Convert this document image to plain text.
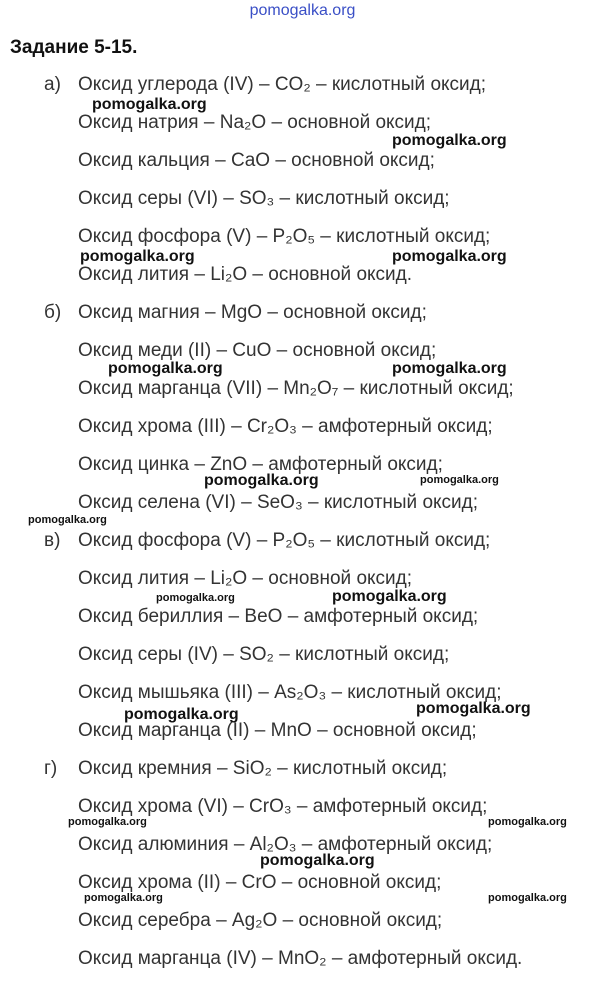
pomogalka.org
Задание 5-15.
а) Оксид углерода (IV) – CO₂ – кислотный оксид;
Оксид натрия – Na₂O – основной оксид;
Оксид кальция – CaO – основной оксид;
Оксид серы (VI) – SO₃ – кислотный оксид;
Оксид фосфора (V) – P₂O₅ – кислотный оксид;
Оксид лития – Li₂O – основной оксид.
б) Оксид магния – MgO – основной оксид;
Оксид меди (II) – CuO – основной оксид;
Оксид марганца (VII) – Mn₂O₇ – кислотный оксид;
Оксид хрома (III) – Cr₂O₃ – амфотерный оксид;
Оксид цинка – ZnO – амфотерный оксид;
Оксид селена (VI) – SeO₃ – кислотный оксид;
в) Оксид фосфора (V) – P₂O₅ – кислотный оксид;
Оксид лития – Li₂O – основной оксид;
Оксид бериллия – BeO – амфотерный оксид;
Оксид серы (IV) – SO₂ – кислотный оксид;
Оксид мышьяка (III) – As₂O₃ – кислотный оксид;
Оксид марганца (II) – MnO – основной оксид;
г) Оксид кремния – SiO₂ – кислотный оксид;
Оксид хрома (VI) – CrO₃ – амфотерный оксид;
Оксид алюминия – Al₂O₃ – амфотерный оксид;
Оксид хрома (II) – CrO – основной оксид;
Оксид серебра – Ag₂O – основной оксид;
Оксид марганца (IV) – MnO₂ – амфотерный оксид.
pomogalka.org
pomogalka.org
pomogalka.org	pomogalka.org
pomogalka.org	pomogalka.org
pomogalka.org	pomogalka.org
pomogalka.org
pomogalka.org	pomogalka.org
pomogalka.org	pomogalka.org
pomogalka.org	pomogalka.org
pomogalka.org
pomogalka.org	pomogalka.org
